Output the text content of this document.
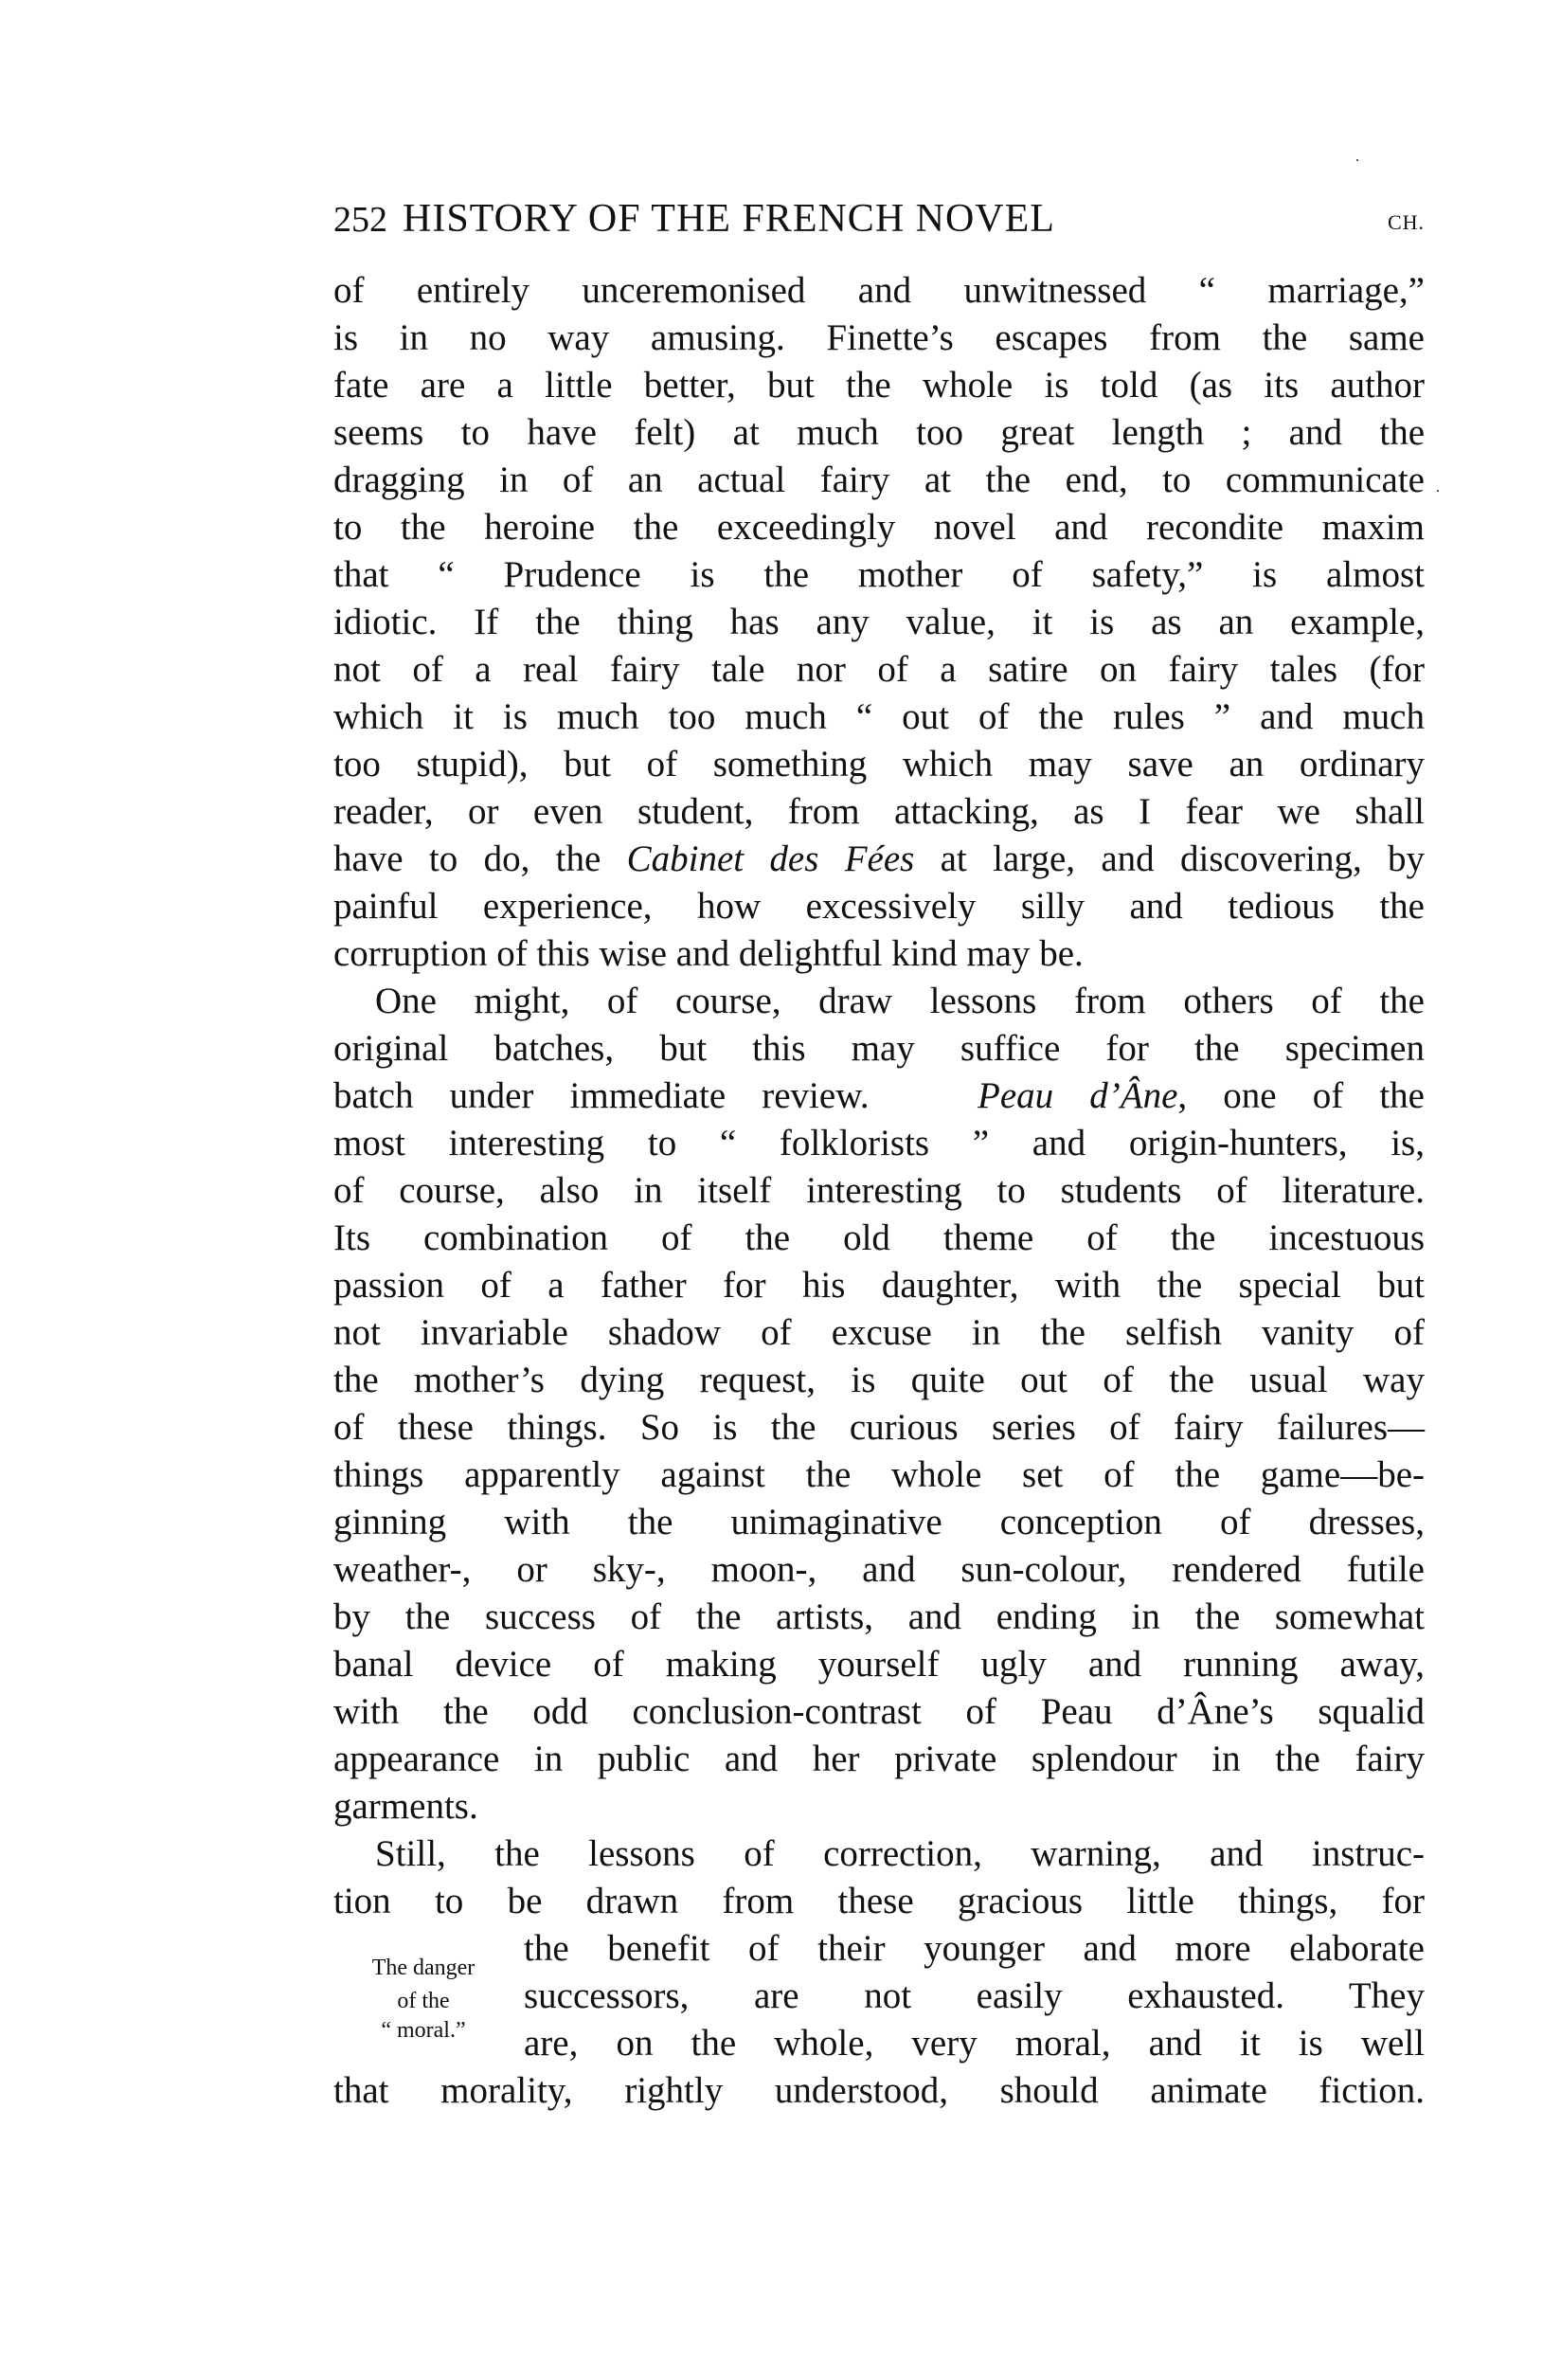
252 HISTORY OF THE FRENCH NOVEL	CH.
of entirely unceremonised and unwitnessed “ marriage,”
is in no way amusing. Finette’s escapes from the same
fate are a little better, but the whole is told (as its author
seems to have felt) at much too great length ; and the
dragging in of an actual fairy at the end, to communicate
to the heroine the exceedingly novel and recondite maxim
that “ Prudence is the mother of safety,” is almost
idiotic. If the thing has any value, it is as an example,
not of a real fairy tale nor of a satire on fairy tales (for
which it is much too much “ out of the rules ” and much
too stupid), but of something which may save an ordinary
reader, or even student, from attacking, as I fear we shall
have to do, the Cabinet des Fées at large, and discovering, by
painful experience, how excessively silly and tedious the
corruption of this wise and delightful kind may be.
One might, of course, draw lessons from others of the
original batches, but this may suffice for the specimen
batch under immediate review.	Peau d’Âne, one of the
most interesting to “ folklorists ” and origin-hunters, is,
of course, also in itself interesting to students of literature.
Its combination of the old theme of the incestuous
passion of a father for his daughter, with the special but
not invariable shadow of excuse in the selfish vanity of
the mother’s dying request, is quite out of the usual way
of these things. So is the curious series of fairy failures—
things apparently against the whole set of the game—be-
ginning with the unimaginative conception of dresses,
weather-, or sky-, moon-, and sun-colour, rendered futile
by the success of the artists, and ending in the somewhat
banal device of making yourself ugly and running away,
with the odd conclusion-contrast of Peau d’Âne’s squalid
appearance in public and her private splendour in the fairy
garments.
Still, the lessons of correction, warning, and instruc-
tion to be drawn from these gracious little things, for
the benefit of their younger and more elaborate
successors, are not easily exhausted. They
are, on the whole, very moral, and it is well
that morality, rightly understood, should animate fiction.
The danger
of the
“ moral.”
